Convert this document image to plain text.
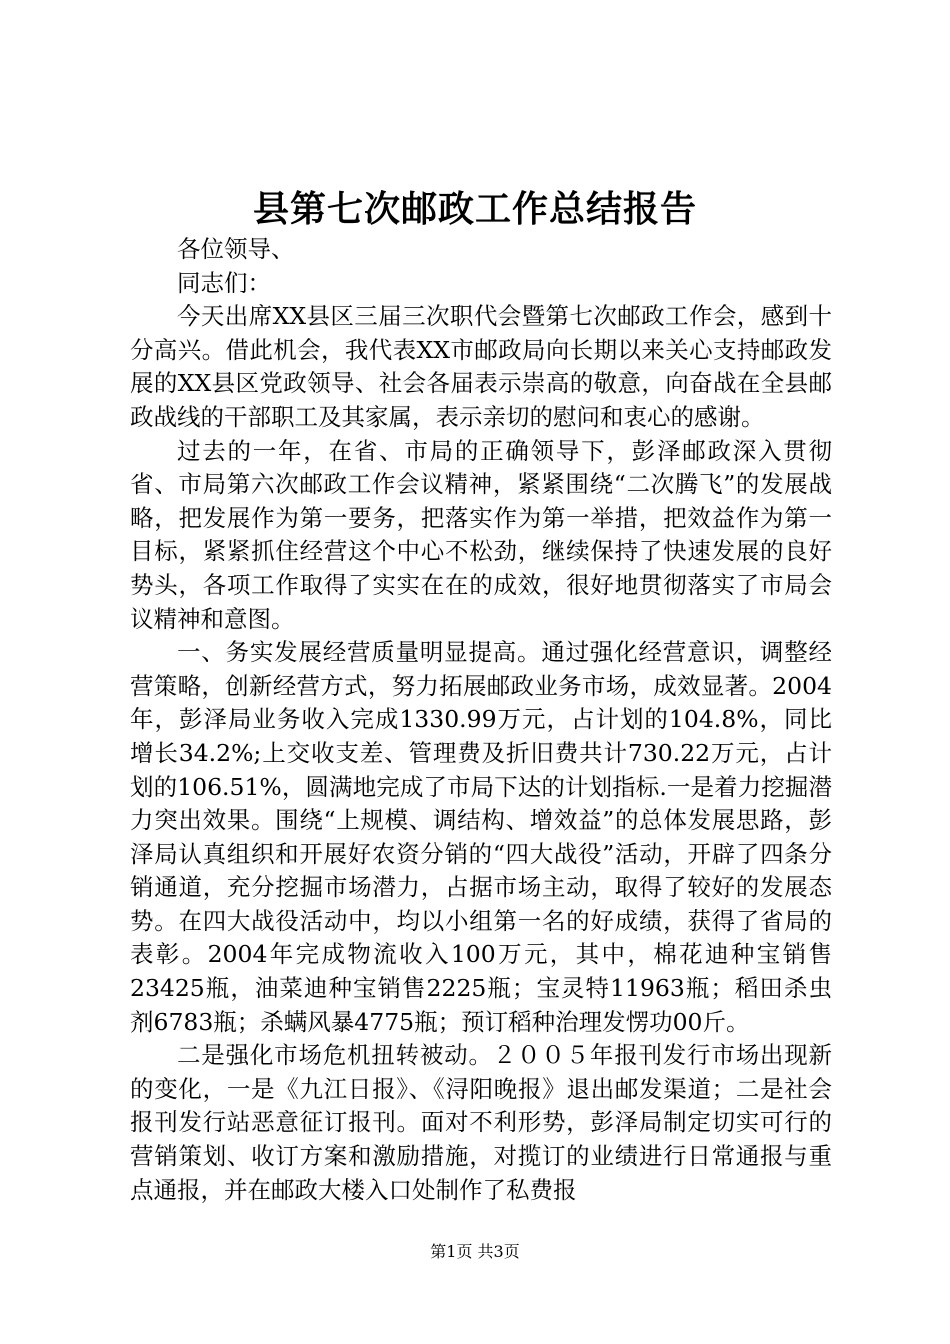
县第七次邮政工作总结报告

各位领导、

同志们：

今天出席XX县区三届三次职代会暨第七次邮政工作会，感到十分高兴。借此机会，我代表XX市邮政局向长期以来关心支持邮政发展的XX县区党政领导、社会各届表示崇高的敬意，向奋战在全县邮政战线的干部职工及其家属，表示亲切的慰问和衷心的感谢。

过去的一年，在省、市局的正确领导下，彭泽邮政深入贯彻省、市局第六次邮政工作会议精神，紧紧围绕“二次腾飞”的发展战略，把发展作为第一要务，把落实作为第一举措，把效益作为第一目标，紧紧抓住经营这个中心不松劲，继续保持了快速发展的良好势头，各项工作取得了实实在在的成效，很好地贯彻落实了市局会议精神和意图。

一、务实发展经营质量明显提高。通过强化经营意识，调整经营策略，创新经营方式，努力拓展邮政业务市场，成效显著。2004年，彭泽局业务收入完成1330.99万元，占计划的104.8%，同比增长34.2%;上交收支差、管理费及折旧费共计730.22万元，占计划的106.51%，圆满地完成了市局下达的计划指标.一是着力挖掘潜力突出效果。围绕“上规模、调结构、增效益”的总体发展思路，彭泽局认真组织和开展好农资分销的“四大战役”活动，开辟了四条分销通道，充分挖掘市场潜力，占据市场主动，取得了较好的发展态势。在四大战役活动中，均以小组第一名的好成绩，获得了省局的表彰。2004年完成物流收入100万元，其中，棉花迪种宝销售23425瓶，油菜迪种宝销售2225瓶；宝灵特11963瓶；稻田杀虫剂6783瓶；杀螨风暴4775瓶；预订稻种治理发愣功00斤。

二是强化市场危机扭转被动。２００５年报刊发行市场出现新的变化，一是《九江日报》、《浔阳晚报》退出邮发渠道；二是社会报刊发行站恶意征订报刊。面对不利形势，彭泽局制定切实可行的营销策划、收订方案和激励措施，对揽订的业绩进行日常通报与重点通报，并在邮政大楼入口处制作了私费报

第1页 共3页
